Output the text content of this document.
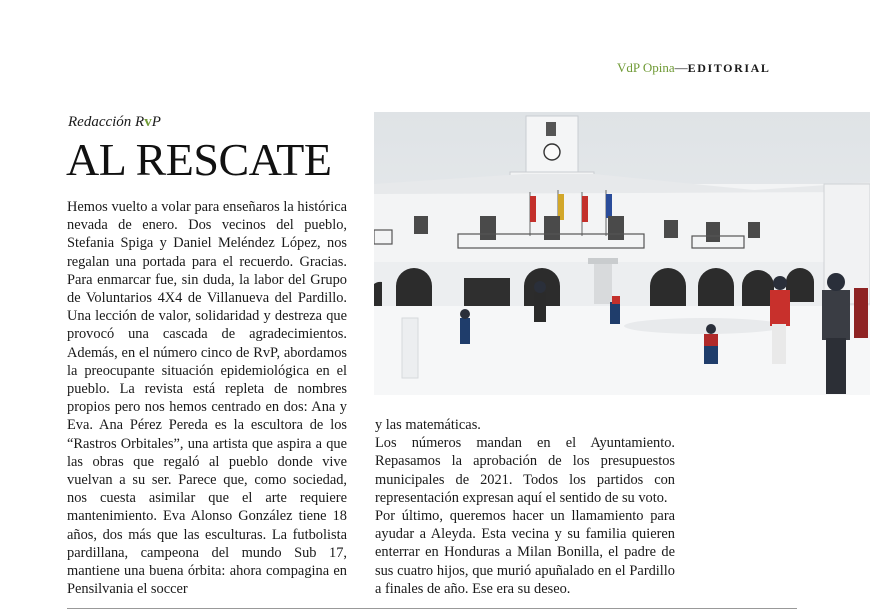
VdP Opina—EDITORIAL
Redacción RvP
AL RESCATE

Hemos vuelto a volar para enseñaros la histórica nevada de enero. Dos vecinos del pueblo, Stefania Spiga y Daniel Meléndez López, nos regalan una portada para el recuerdo. Gracias. Para enmarcar fue, sin duda, la labor del Grupo de Voluntarios 4X4 de Villanueva del Pardillo. Una lección de valor, solidaridad y destreza que provocó una cascada de agradecimientos. Además, en el número cinco de RvP, abordamos la preocupante situación epidemiológica en el pueblo. La revista está repleta de nombres propios pero nos hemos centrado en dos: Ana y Eva. Ana Pérez Pereda es la escultora de los “Rastros Orbitales”, una artista que aspira a que las obras que regaló al pueblo donde vive vuelvan a su ser. Parece que, como sociedad, nos cuesta asimilar que el arte requiere mantenimiento. Eva Alonso González tiene 18 años, dos más que las esculturas. La futbolista pardillana, campeona del mundo Sub 17, mantiene una buena órbita: ahora compagina en Pensilvania el soccer

y las matemáticas.

Los números mandan en el Ayuntamiento. Repasamos la aprobación de los presupuestos municipales de 2021. Todos los partidos con representación expresan aquí el sentido de su voto.

Por último, queremos hacer un llamamiento para ayudar a Aleyda. Esta vecina y su familia quieren enterrar en Honduras a Milan Bonilla, el padre de sus cuatro hijos, que murió apuñalado en el Pardillo a finales de año. Ese era su deseo.
